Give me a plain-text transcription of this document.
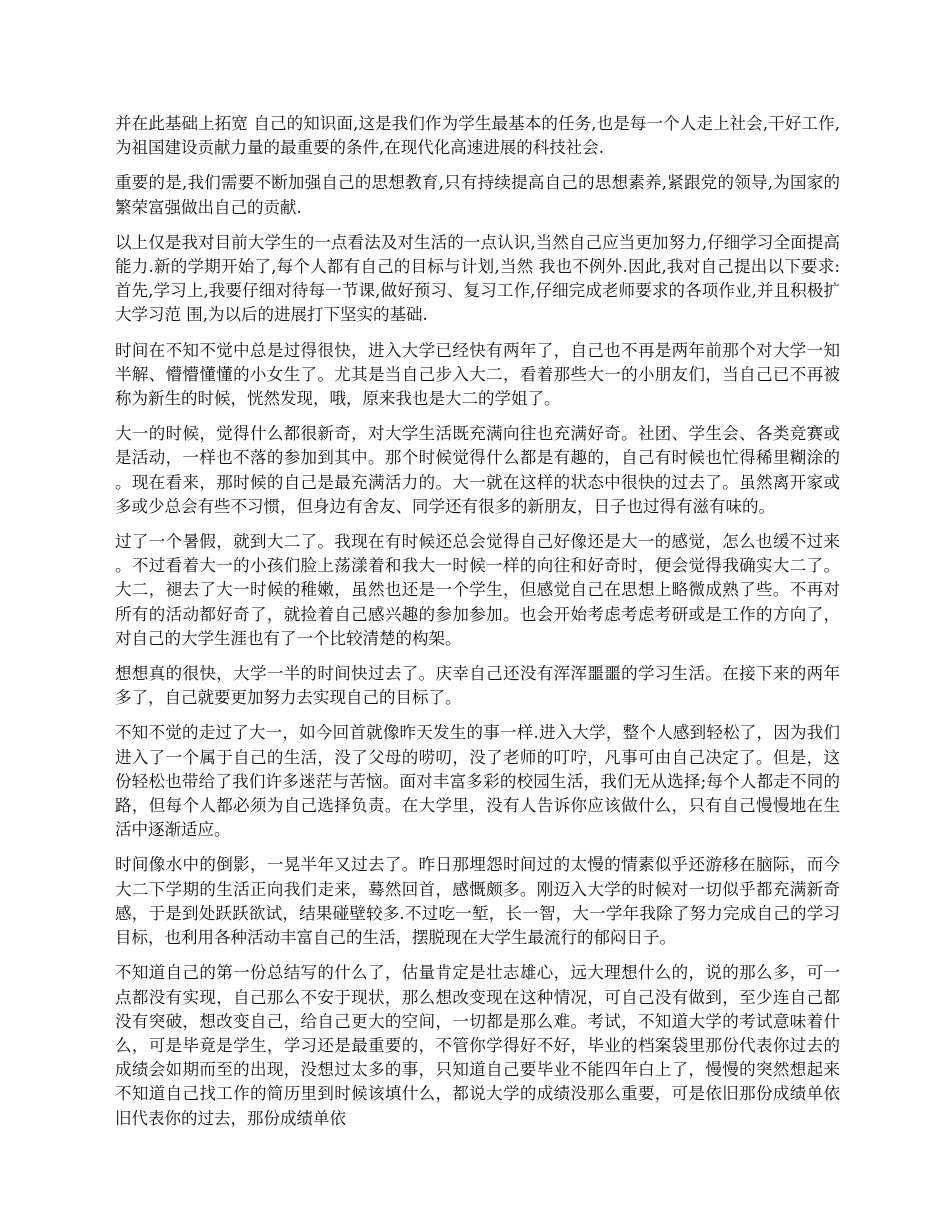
并在此基础上拓宽 自己的知识面,这是我们作为学生最基本的任务,也是每一个人走上社会,干好工作,为祖国建设贡献力量的最重要的条件,在现代化高速进展的科技社会.

重要的是,我们需要不断加强自己的思想教育,只有持续提高自己的思想素养,紧跟党的领导,为国家的繁荣富强做出自己的贡献.

以上仅是我对目前大学生的一点看法及对生活的一点认识,当然自己应当更加努力,仔细学习全面提高能力.新的学期开始了,每个人都有自己的目标与计划,当然 我也不例外.因此,我对自己提出以下要求:首先,学习上,我要仔细对待每一节课,做好预习、复习工作,仔细完成老师要求的各项作业,并且积极扩大学习范 围,为以后的进展打下坚实的基础.

时间在不知不觉中总是过得很快，进入大学已经快有两年了，自己也不再是两年前那个对大学一知半解、懵懵懂懂的小女生了。尤其是当自己步入大二，看着那些大一的小朋友们，当自己已不再被称为新生的时候，恍然发现，哦，原来我也是大二的学姐了。

大一的时候，觉得什么都很新奇，对大学生活既充满向往也充满好奇。社团、学生会、各类竞赛或是活动，一样也不落的参加到其中。那个时候觉得什么都是有趣的，自己有时候也忙得稀里糊涂的。现在看来，那时候的自己是最充满活力的。大一就在这样的状态中很快的过去了。虽然离开家或多或少总会有些不习惯，但身边有舍友、同学还有很多的新朋友，日子也过得有滋有味的。

过了一个暑假，就到大二了。我现在有时候还总会觉得自己好像还是大一的感觉，怎么也缓不过来。不过看着大一的小孩们脸上荡漾着和我大一时候一样的向往和好奇时，便会觉得我确实大二了。大二，褪去了大一时候的稚嫩，虽然也还是一个学生，但感觉自己在思想上略微成熟了些。不再对所有的活动都好奇了，就捡着自己感兴趣的参加参加。也会开始考虑考虑考研或是工作的方向了，对自己的大学生涯也有了一个比较清楚的构架。

想想真的很快，大学一半的时间快过去了。庆幸自己还没有浑浑噩噩的学习生活。在接下来的两年多了，自己就要更加努力去实现自己的目标了。

不知不觉的走过了大一，如今回首就像昨天发生的事一样.进入大学，整个人感到轻松了，因为我们进入了一个属于自己的生活，没了父母的唠叨，没了老师的叮咛，凡事可由自己决定了。但是，这份轻松也带给了我们许多迷茫与苦恼。面对丰富多彩的校园生活，我们无从选择;每个人都走不同的路，但每个人都必须为自己选择负责。在大学里，没有人告诉你应该做什么，只有自己慢慢地在生活中逐渐适应。

时间像水中的倒影，一晃半年又过去了。昨日那埋怨时间过的太慢的情素似乎还游移在脑际，而今大二下学期的生活正向我们走来，蓦然回首，感慨颇多。刚迈入大学的时候对一切似乎都充满新奇感，于是到处跃跃欲试，结果碰壁较多.不过吃一堑，长一智，大一学年我除了努力完成自己的学习目标，也利用各种活动丰富自己的生活，摆脱现在大学生最流行的郁闷日子。

不知道自己的第一份总结写的什么了，估量肯定是壮志雄心，远大理想什么的，说的那么多，可一点都没有实现，自己那么不安于现状，那么想改变现在这种情况，可自己没有做到，至少连自己都没有突破，想改变自己，给自己更大的空间，一切都是那么难。考试，不知道大学的考试意味着什么，可是毕竟是学生，学习还是最重要的，不管你学得好不好，毕业的档案袋里那份代表你过去的成绩会如期而至的出现，没想过太多的事，只知道自己要毕业不能四年白上了，慢慢的突然想起来不知道自己找工作的简历里到时候该填什么，都说大学的成绩没那么重要，可是依旧那份成绩单依旧代表你的过去，那份成绩单依
